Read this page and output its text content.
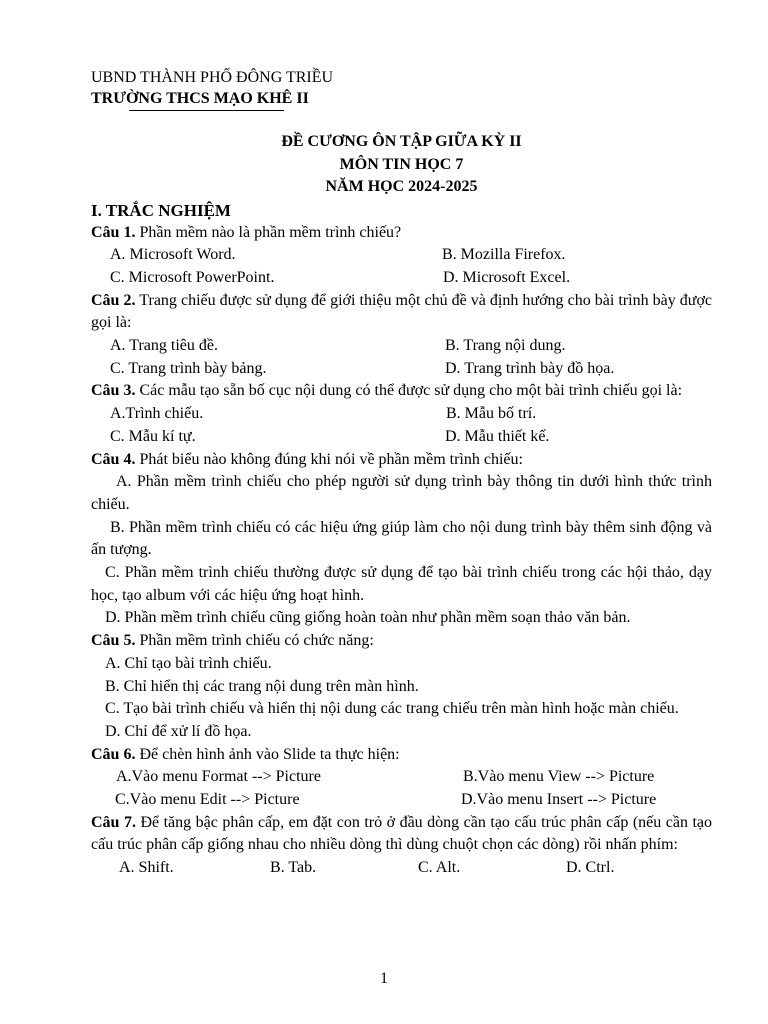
UBND THÀNH PHỐ ĐÔNG TRIỀU
TRƯỜNG THCS MẠO KHÊ II
ĐỀ CƯƠNG ÔN TẬP GIỮA KỲ II
MÔN TIN HỌC 7
NĂM HỌC 2024-2025
I. TRẮC NGHIỆM
Câu 1. Phần mềm nào là phần mềm trình chiếu?
A. Microsoft Word.	B. Mozilla Firefox.
C. Microsoft PowerPoint.	D. Microsoft Excel.
Câu 2. Trang chiếu được sử dụng để giới thiệu một chủ đề và định hướng cho bài trình bày được gọi là:
A. Trang tiêu đề.	B. Trang nội dung.
C. Trang trình bày bảng.	D. Trang trình bày đồ họa.
Câu 3. Các mẫu tạo sẵn bố cục nội dung có thể được sử dụng cho một bài trình chiếu gọi là:
A.Trình chiếu.	B. Mẫu bố trí.
C. Mẫu kí tự.	D. Mẫu thiết kế.
Câu 4. Phát biểu nào không đúng khi nói về phần mềm trình chiếu:
A. Phần mềm trình chiếu cho phép người sử dụng trình bày thông tin dưới hình thức trình chiếu.
B. Phần mềm trình chiếu có các hiệu ứng giúp làm cho nội dung trình bày thêm sinh động và ấn tượng.
C. Phần mềm trình chiếu thường được sử dụng để tạo bài trình chiếu trong các hội thảo, dạy học, tạo album với các hiệu ứng hoạt hình.
D. Phần mềm trình chiếu cũng giống hoàn toàn như phần mềm soạn thảo văn bản.
Câu 5. Phần mềm trình chiếu có chức năng:
A. Chỉ tạo bài trình chiếu.
B. Chỉ hiển thị các trang nội dung trên màn hình.
C. Tạo bài trình chiếu và hiển thị nội dung các trang chiếu trên màn hình hoặc màn chiếu.
D. Chỉ để xử lí đồ họa.
Câu 6. Để chèn hình ảnh vào Slide ta thực hiện:
A.Vào menu Format --> Picture	B.Vào menu View --> Picture
C.Vào menu Edit --> Picture	D.Vào menu Insert --> Picture
Câu 7. Để tăng bậc phân cấp, em đặt con trỏ ở đầu dòng cần tạo cấu trúc phân cấp (nếu cần tạo cấu trúc phân cấp giống nhau cho nhiều dòng thì dùng chuột chọn các dòng) rồi nhấn phím:
A. Shift.	B. Tab.	C. Alt.	D. Ctrl.
1
